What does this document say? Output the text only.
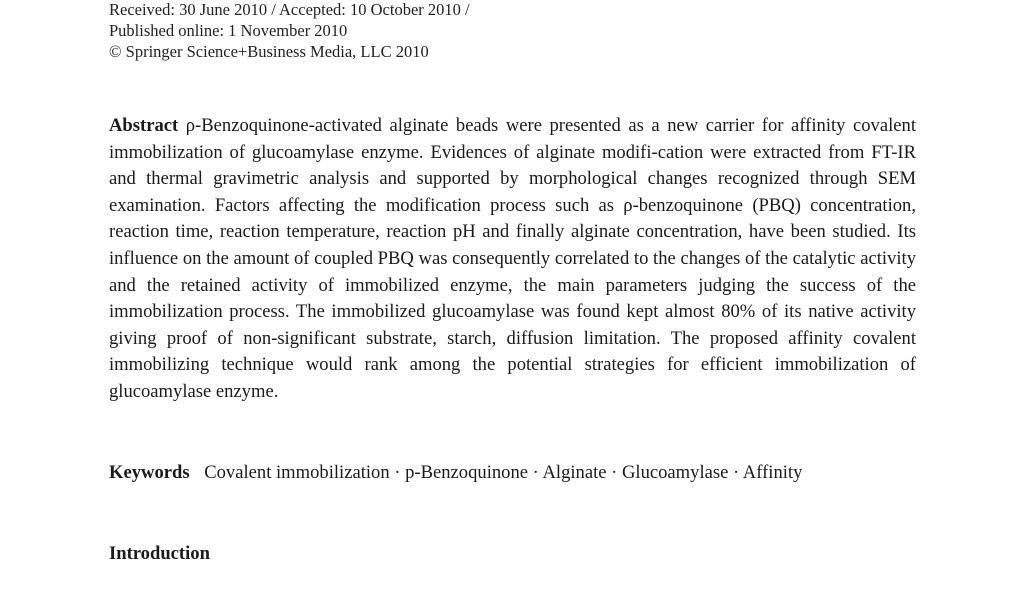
Received: 30 June 2010 / Accepted: 10 October 2010 /
Published online: 1 November 2010
© Springer Science+Business Media, LLC 2010
Abstract ρ-Benzoquinone-activated alginate beads were presented as a new carrier for affinity covalent immobilization of glucoamylase enzyme. Evidences of alginate modifi-cation were extracted from FT-IR and thermal gravimetric analysis and supported by morphological changes recognized through SEM examination. Factors affecting the modification process such as ρ-benzoquinone (PBQ) concentration, reaction time, reaction temperature, reaction pH and finally alginate concentration, have been studied. Its influence on the amount of coupled PBQ was consequently correlated to the changes of the catalytic activity and the retained activity of immobilized enzyme, the main parameters judging the success of the immobilization process. The immobilized glucoamylase was found kept almost 80% of its native activity giving proof of non-significant substrate, starch, diffusion limitation. The proposed affinity covalent immobilizing technique would rank among the potential strategies for efficient immobilization of glucoamylase enzyme.
Keywords Covalent immobilization · p-Benzoquinone · Alginate · Glucoamylase · Affinity
Introduction
